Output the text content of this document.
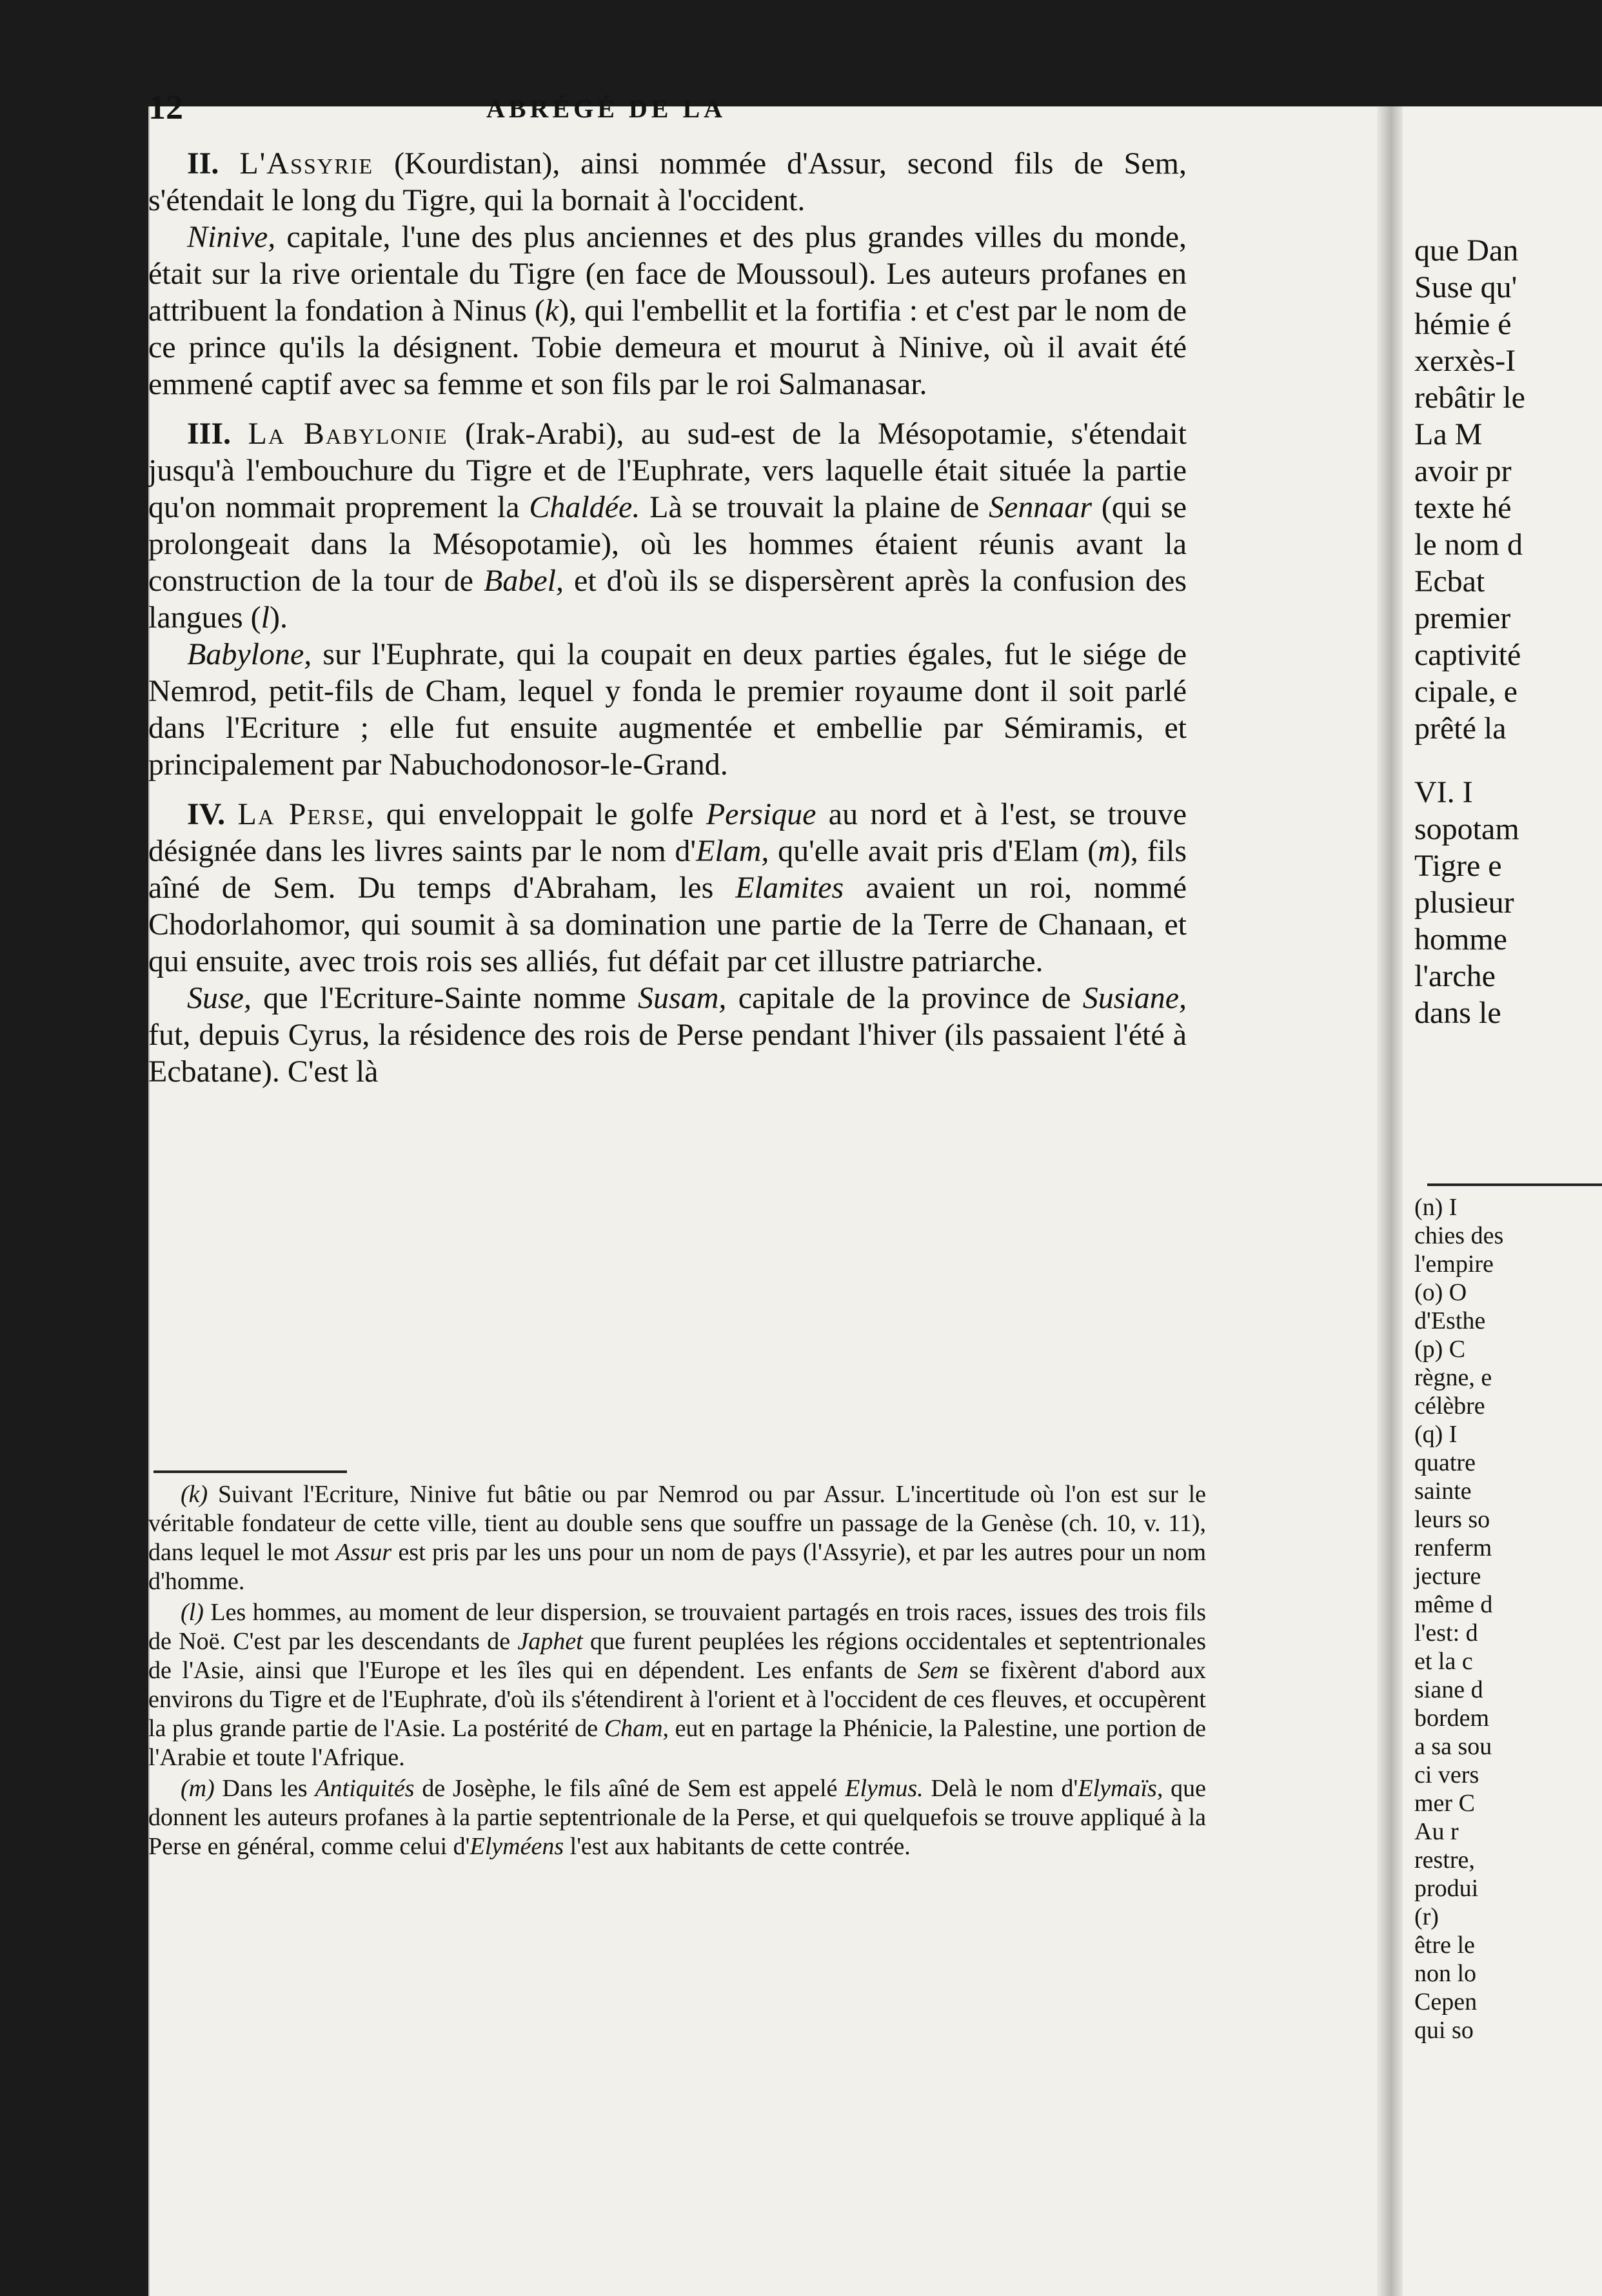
que Dan
Suse qu'
hémie é
xerxès-I
rebâtir le
La M
avoir pr
texte hé
le nom d
Ecbat
premier
captivité
cipale, e
prêté la
VI. I
sopotam
Tigre e
plusieur
homme
l'arche
dans le
(n) I
chies des
l'empire
(o) O
d'Esthe
(p) C
règne, e
célèbre
(q) I
quatre
sainte
leurs so
renferm
jecture
même d
l'est: d
et la c
siane d
bordem
a sa sou
ci vers
mer C
Au r
restre,
produi
(r)
être le
non lo
Cepen
qui so
12	ABRÉGÉ DE LA

II. L'Assyrie (Kourdistan), ainsi nommée d'Assur, second fils de Sem, s'étendait le long du Tigre, qui la bornait à l'occident.

Ninive, capitale, l'une des plus anciennes et des plus grandes villes du monde, était sur la rive orientale du Tigre (en face de Moussoul). Les auteurs profanes en attribuent la fondation à Ninus (k), qui l'embellit et la fortifia : et c'est par le nom de ce prince qu'ils la désignent. Tobie demeura et mourut à Ninive, où il avait été emmené captif avec sa femme et son fils par le roi Salmanasar.

III. La Babylonie (Irak-Arabi), au sud-est de la Mésopotamie, s'étendait jusqu'à l'embouchure du Tigre et de l'Euphrate, vers laquelle était située la partie qu'on nommait proprement la Chaldée. Là se trouvait la plaine de Sennaar (qui se prolongeait dans la Mésopotamie), où les hommes étaient réunis avant la construction de la tour de Babel, et d'où ils se dispersèrent après la confusion des langues (l).

Babylone, sur l'Euphrate, qui la coupait en deux parties égales, fut le siége de Nemrod, petit-fils de Cham, lequel y fonda le premier royaume dont il soit parlé dans l'Ecriture ; elle fut ensuite augmentée et embellie par Sémiramis, et principalement par Nabuchodonosor-le-Grand.

IV. La Perse, qui enveloppait le golfe Persique au nord et à l'est, se trouve désignée dans les livres saints par le nom d'Elam, qu'elle avait pris d'Elam (m), fils aîné de Sem. Du temps d'Abraham, les Elamites avaient un roi, nommé Chodorlahomor, qui soumit à sa domination une partie de la Terre de Chanaan, et qui ensuite, avec trois rois ses alliés, fut défait par cet illustre patriarche.

Suse, que l'Ecriture-Sainte nomme Susam, capitale de la province de Susiane, fut, depuis Cyrus, la résidence des rois de Perse pendant l'hiver (ils passaient l'été à Ecbatane). C'est là

(k) Suivant l'Ecriture, Ninive fut bâtie ou par Nemrod ou par Assur. L'incertitude où l'on est sur le véritable fondateur de cette ville, tient au double sens que souffre un passage de la Genèse (ch. 10, v. 11), dans lequel le mot Assur est pris par les uns pour un nom de pays (l'Assyrie), et par les autres pour un nom d'homme.

(l) Les hommes, au moment de leur dispersion, se trouvaient partagés en trois races, issues des trois fils de Noë. C'est par les descendants de Japhet que furent peuplées les régions occidentales et septentrionales de l'Asie, ainsi que l'Europe et les îles qui en dépendent. Les enfants de Sem se fixèrent d'abord aux environs du Tigre et de l'Euphrate, d'où ils s'étendirent à l'orient et à l'occident de ces fleuves, et occupèrent la plus grande partie de l'Asie. La postérité de Cham, eut en partage la Phénicie, la Palestine, une portion de l'Arabie et toute l'Afrique.

(m) Dans les Antiquités de Josèphe, le fils aîné de Sem est appelé Elymus. Delà le nom d'Elymaïs, que donnent les auteurs profanes à la partie septentrionale de la Perse, et qui quelquefois se trouve appliqué à la Perse en général, comme celui d'Elyméens l'est aux habitants de cette contrée.
